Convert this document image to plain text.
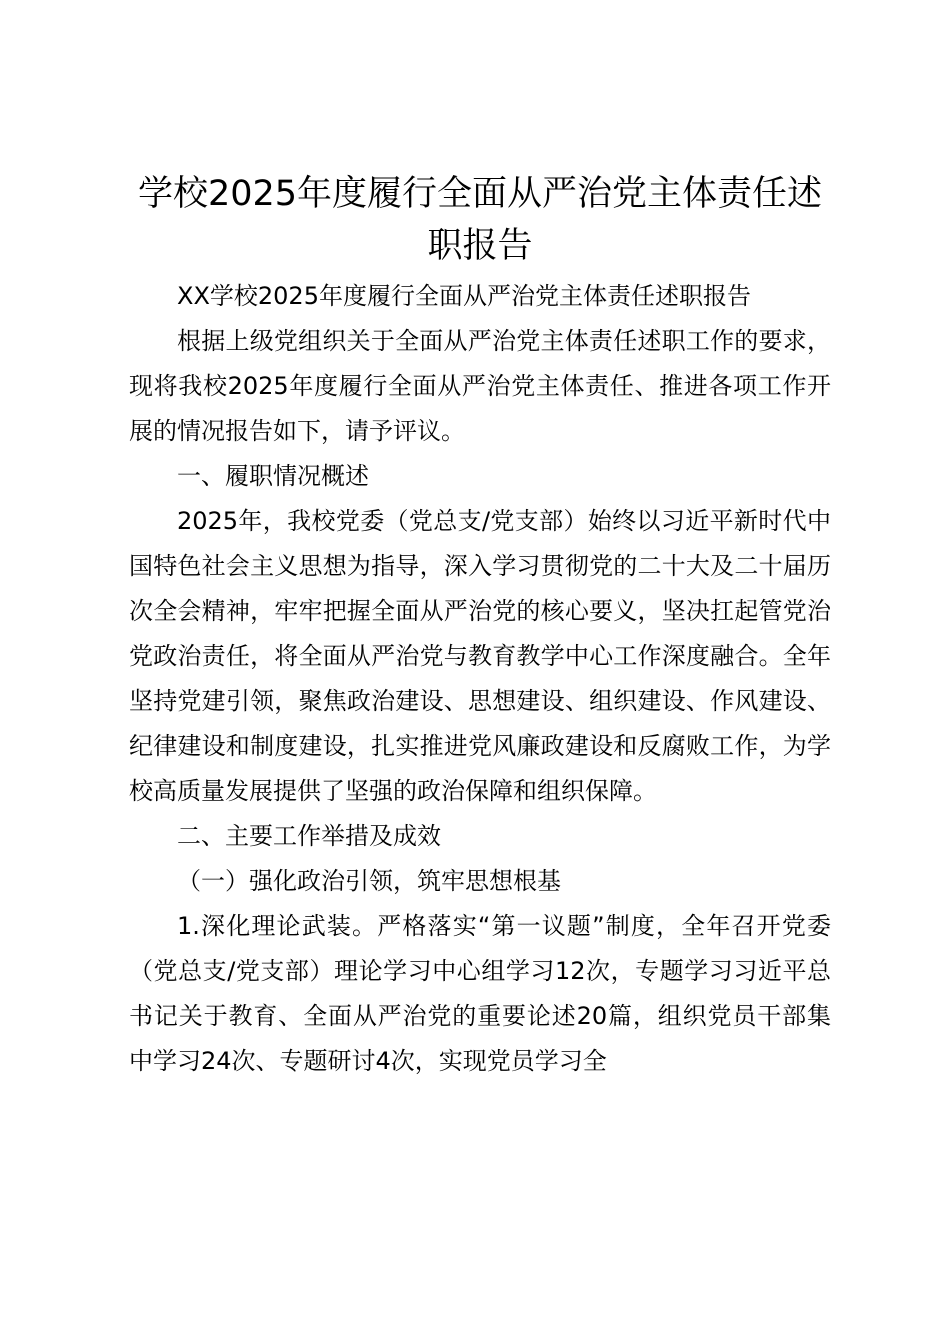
学校2025年度履行全面从严治党主体责任述职报告

XX学校2025年度履行全面从严治党主体责任述职报告

根据上级党组织关于全面从严治党主体责任述职工作的要求，现将我校2025年度履行全面从严治党主体责任、推进各项工作开展的情况报告如下，请予评议。

一、履职情况概述

2025年，我校党委（党总支/党支部）始终以习近平新时代中国特色社会主义思想为指导，深入学习贯彻党的二十大及二十届历次全会精神，牢牢把握全面从严治党的核心要义，坚决扛起管党治党政治责任，将全面从严治党与教育教学中心工作深度融合。全年坚持党建引领，聚焦政治建设、思想建设、组织建设、作风建设、纪律建设和制度建设，扎实推进党风廉政建设和反腐败工作，为学校高质量发展提供了坚强的政治保障和组织保障。

二、主要工作举措及成效

（一）强化政治引领，筑牢思想根基

1.深化理论武装。严格落实“第一议题”制度，全年召开党委（党总支/党支部）理论学习中心组学习12次，专题学习习近平总书记关于教育、全面从严治党的重要论述20篇，组织党员干部集中学习24次、专题研讨4次，实现党员学习全
